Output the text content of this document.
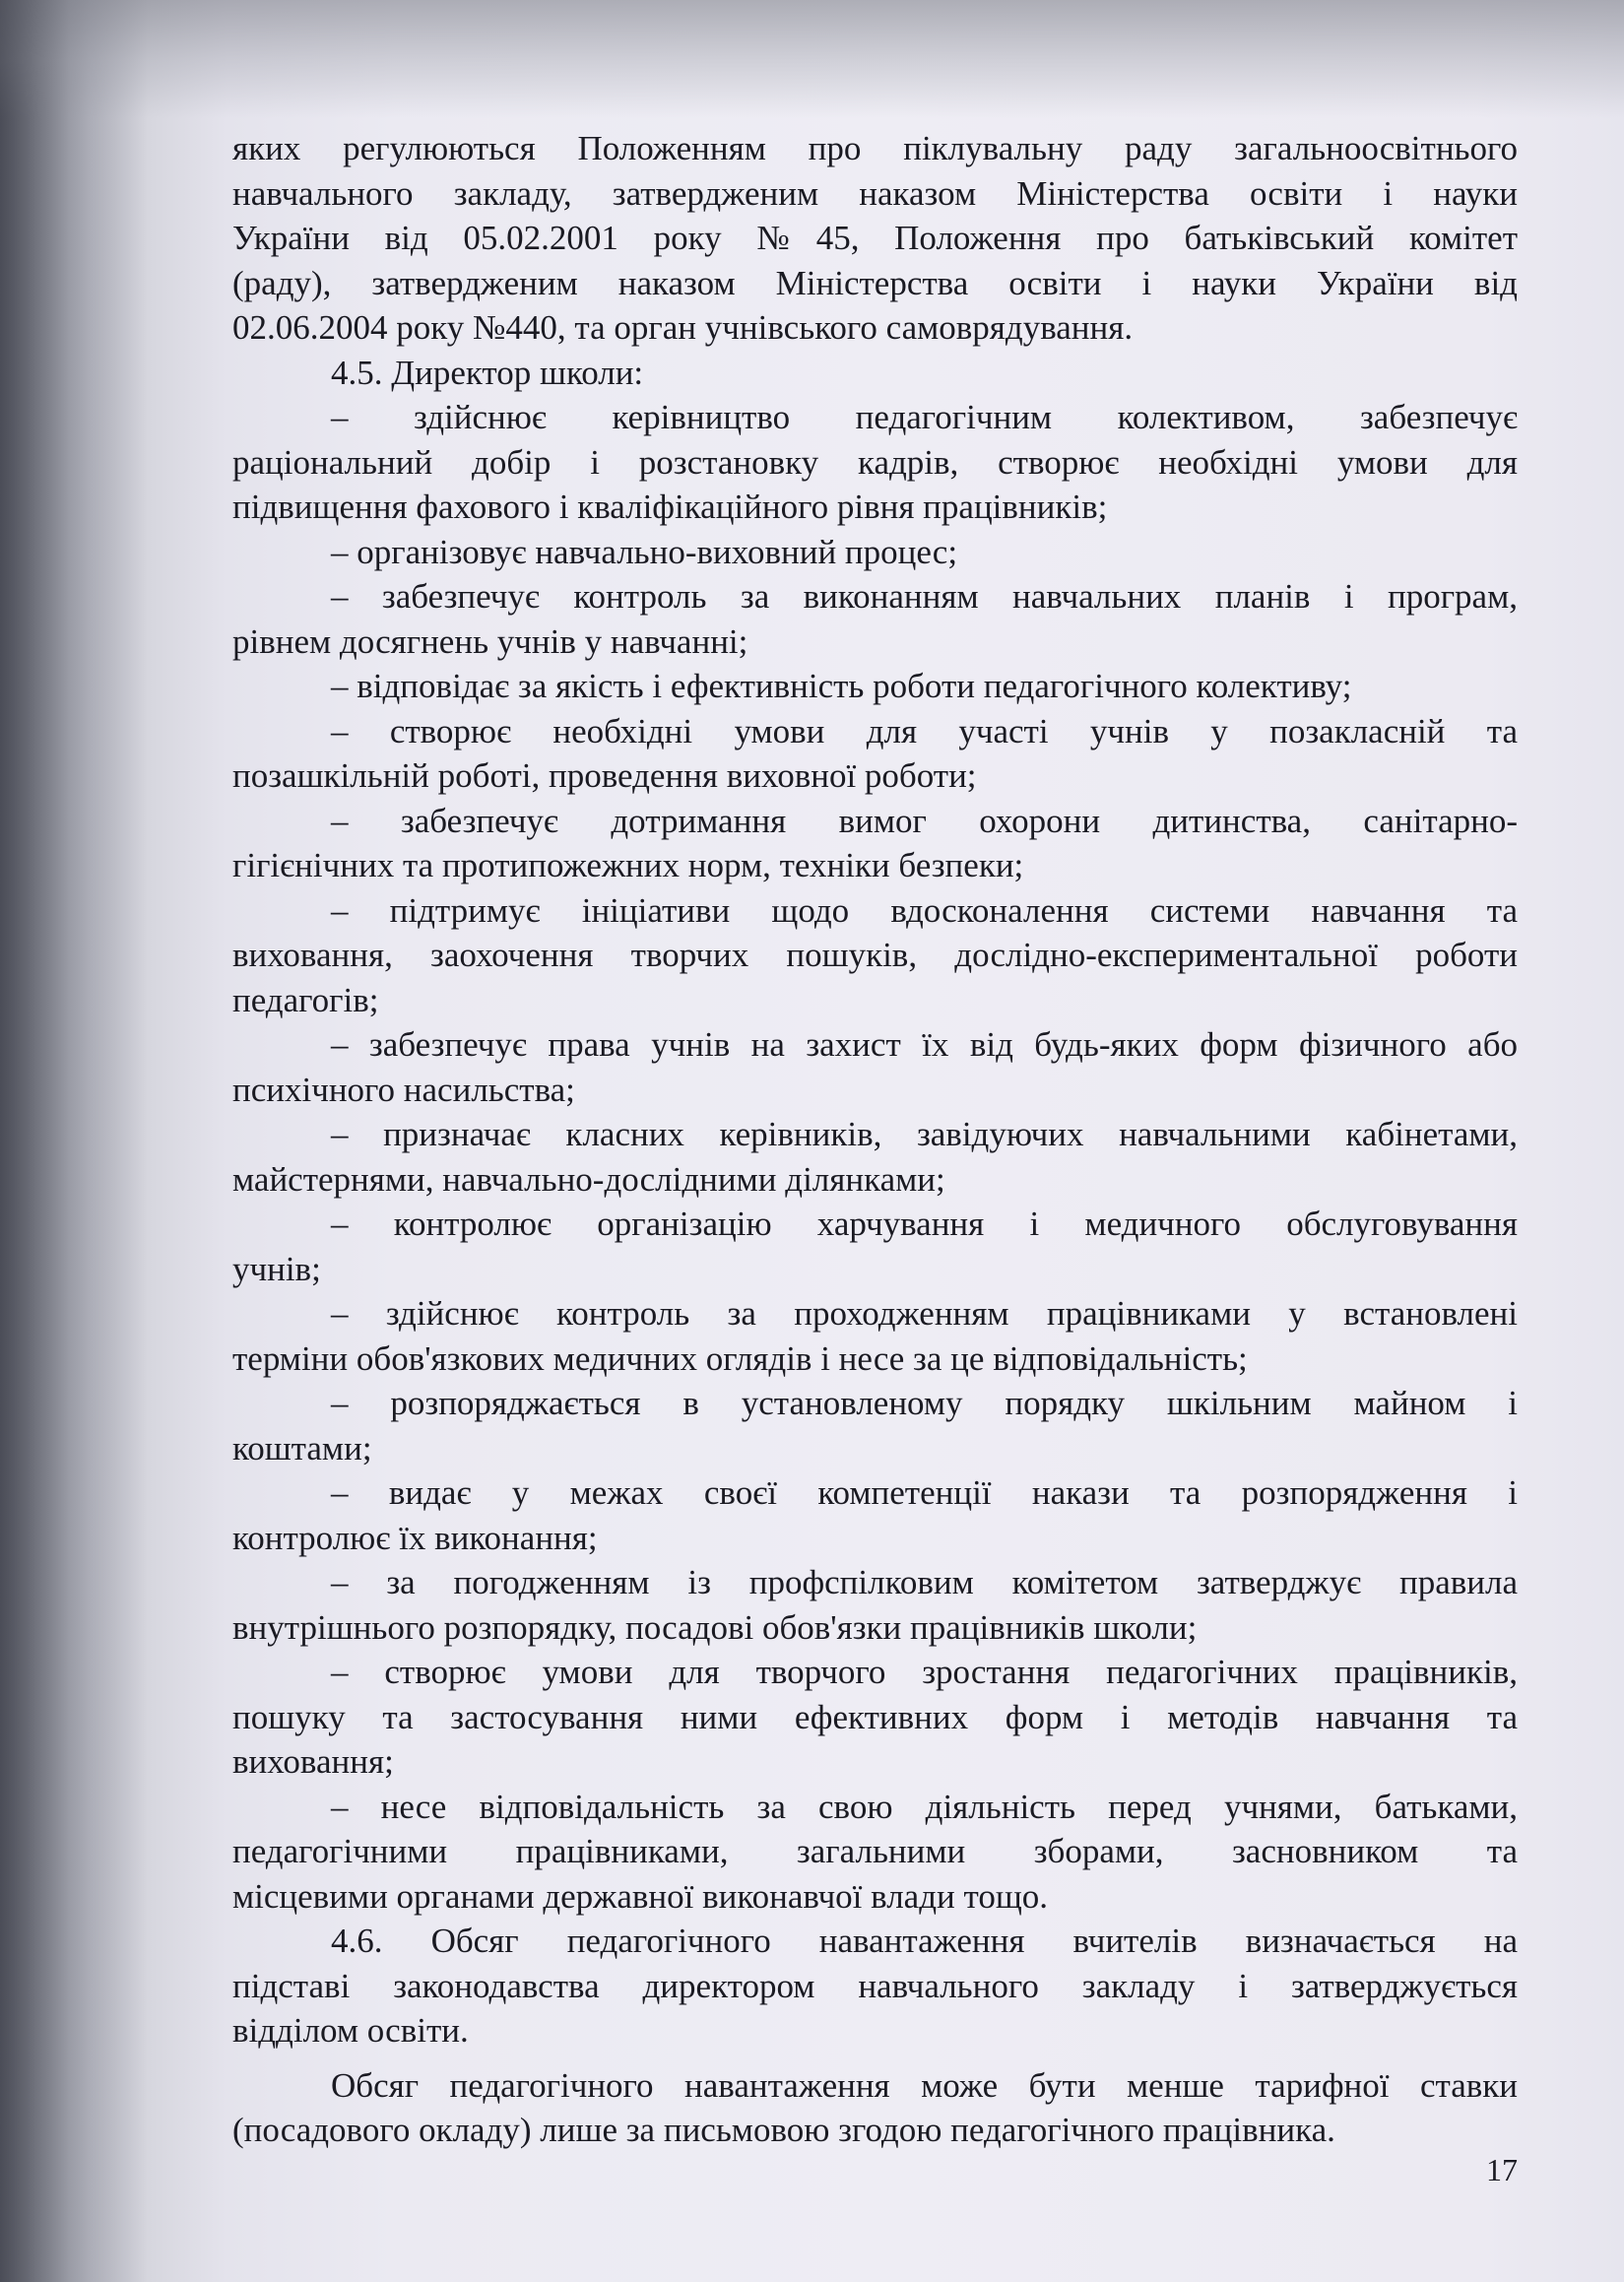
яких регулюються Положенням про піклувальну раду загальноосвітнього
навчального закладу, затвердженим наказом Міністерства освіти і науки
України від 05.02.2001 року №45, Положення про батьківський комітет
(раду), затвердженим наказом Міністерства освіти і науки України від
02.06.2004 року №440, та орган учнівського самоврядування.
4.5. Директор школи:
– здійснює керівництво педагогічним колективом, забезпечує
раціональний добір і розстановку кадрів, створює необхідні умови для
підвищення фахового і кваліфікаційного рівня працівників;
– організовує навчально-виховний процес;
– забезпечує контроль за виконанням навчальних планів і програм,
рівнем досягнень учнів у навчанні;
– відповідає за якість і ефективність роботи педагогічного колективу;
– створює необхідні умови для участі учнів у позакласній та
позашкільній роботі, проведення виховної роботи;
– забезпечує дотримання вимог охорони дитинства, санітарно-
гігієнічних та протипожежних норм, техніки безпеки;
– підтримує ініціативи щодо вдосконалення системи навчання та
виховання, заохочення творчих пошуків, дослідно-експериментальної роботи
педагогів;
– забезпечує права учнів на захист їх від будь-яких форм фізичного або
психічного насильства;
– призначає класних керівників, завідуючих навчальними кабінетами,
майстернями, навчально-дослідними ділянками;
– контролює організацію харчування і медичного обслуговування
учнів;
– здійснює контроль за проходженням працівниками у встановлені
терміни обов'язкових медичних оглядів і несе за це відповідальність;
– розпоряджається в установленому порядку шкільним майном і
коштами;
– видає у межах своєї компетенції накази та розпорядження і
контролює їх виконання;
– за погодженням із профспілковим комітетом затверджує правила
внутрішнього розпорядку, посадові обов'язки працівників школи;
– створює умови для творчого зростання педагогічних працівників,
пошуку та застосування ними ефективних форм і методів навчання та
виховання;
– несе відповідальність за свою діяльність перед учнями, батьками,
педагогічними працівниками, загальними зборами, засновником та
місцевими органами державної виконавчої влади тощо.
4.6. Обсяг педагогічного навантаження вчителів визначається на
підставі законодавства директором навчального закладу і затверджується
відділом освіти.
Обсяг педагогічного навантаження може бути менше тарифної ставки
(посадового окладу) лише за письмовою згодою педагогічного працівника.
17
